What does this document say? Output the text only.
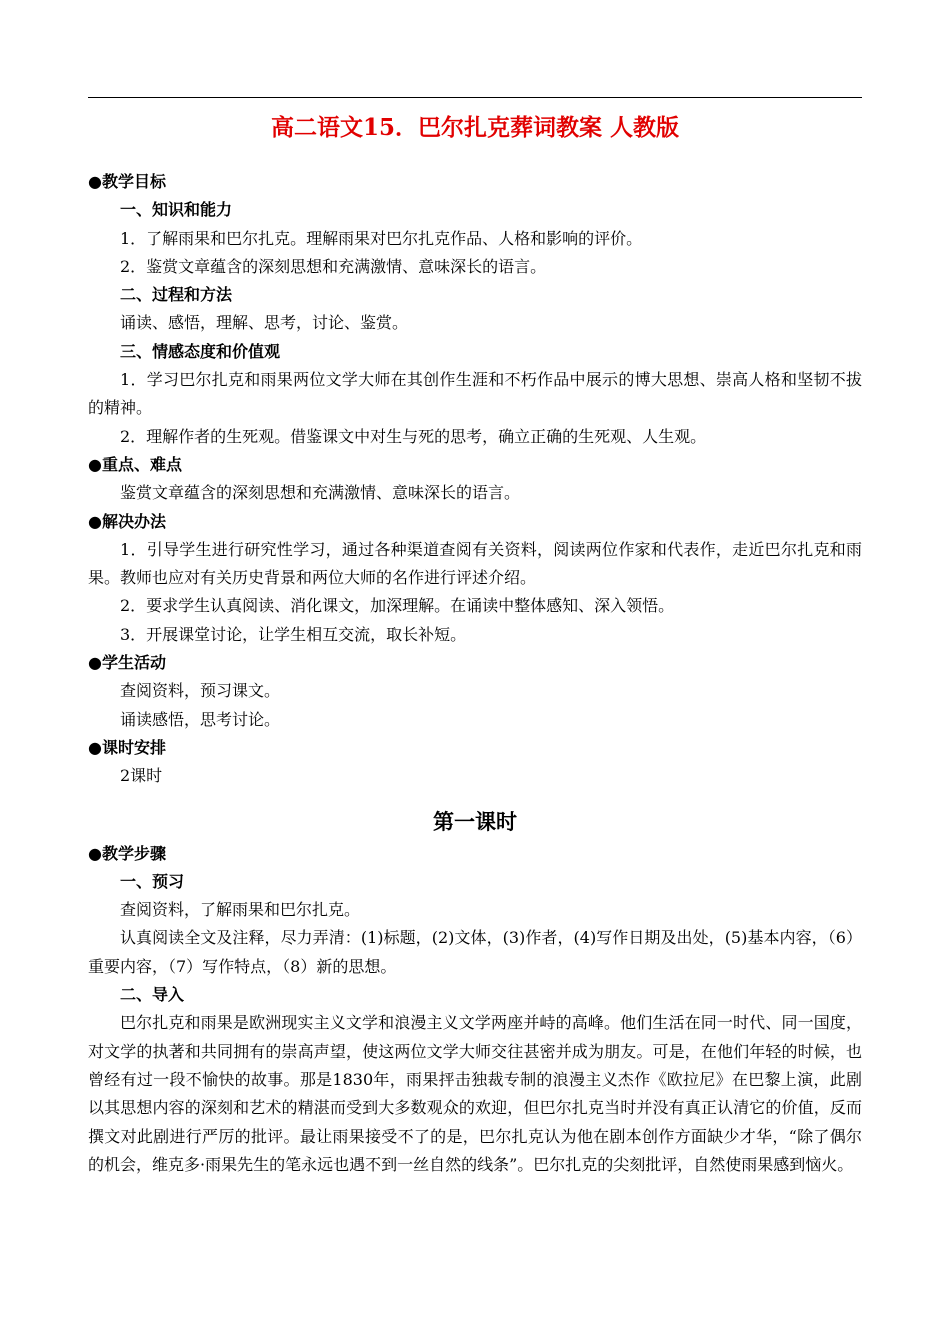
高二语文15．巴尔扎克葬词教案 人教版
●教学目标
一、知识和能力
1．了解雨果和巴尔扎克。理解雨果对巴尔扎克作品、人格和影响的评价。
2．鉴赏文章蕴含的深刻思想和充满激情、意味深长的语言。
二、过程和方法
诵读、感悟，理解、思考，讨论、鉴赏。
三、情感态度和价值观
1．学习巴尔扎克和雨果两位文学大师在其创作生涯和不朽作品中展示的博大思想、崇高人格和坚韧不拔的精神。
2．理解作者的生死观。借鉴课文中对生与死的思考，确立正确的生死观、人生观。
●重点、难点
鉴赏文章蕴含的深刻思想和充满激情、意味深长的语言。
●解决办法
1．引导学生进行研究性学习，通过各种渠道查阅有关资料，阅读两位作家和代表作，走近巴尔扎克和雨果。教师也应对有关历史背景和两位大师的名作进行评述介绍。
2．要求学生认真阅读、消化课文，加深理解。在诵读中整体感知、深入领悟。
3．开展课堂讨论，让学生相互交流，取长补短。
●学生活动
查阅资料，预习课文。
诵读感悟，思考讨论。
●课时安排
2课时
第一课时
●教学步骤
一、预习
查阅资料，了解雨果和巴尔扎克。
认真阅读全文及注释，尽力弄清：(1)标题，(2)文体，(3)作者，(4)写作日期及出处，(5)基本内容，（6）重要内容，（7）写作特点，（8）新的思想。
二、导入
巴尔扎克和雨果是欧洲现实主义文学和浪漫主义文学两座并峙的高峰。他们生活在同一时代、同一国度，对文学的执著和共同拥有的崇高声望，使这两位文学大师交往甚密并成为朋友。可是，在他们年轻的时候，也曾经有过一段不愉快的故事。那是1830年，雨果抨击独裁专制的浪漫主义杰作《欧拉尼》在巴黎上演，此剧以其思想内容的深刻和艺术的精湛而受到大多数观众的欢迎，但巴尔扎克当时并没有真正认清它的价值，反而撰文对此剧进行严厉的批评。最让雨果接受不了的是，巴尔扎克认为他在剧本创作方面缺少才华，“除了偶尔的机会，维克多·雨果先生的笔永远也遇不到一丝自然的线条”。巴尔扎克的尖刻批评，自然使雨果感到恼火。
